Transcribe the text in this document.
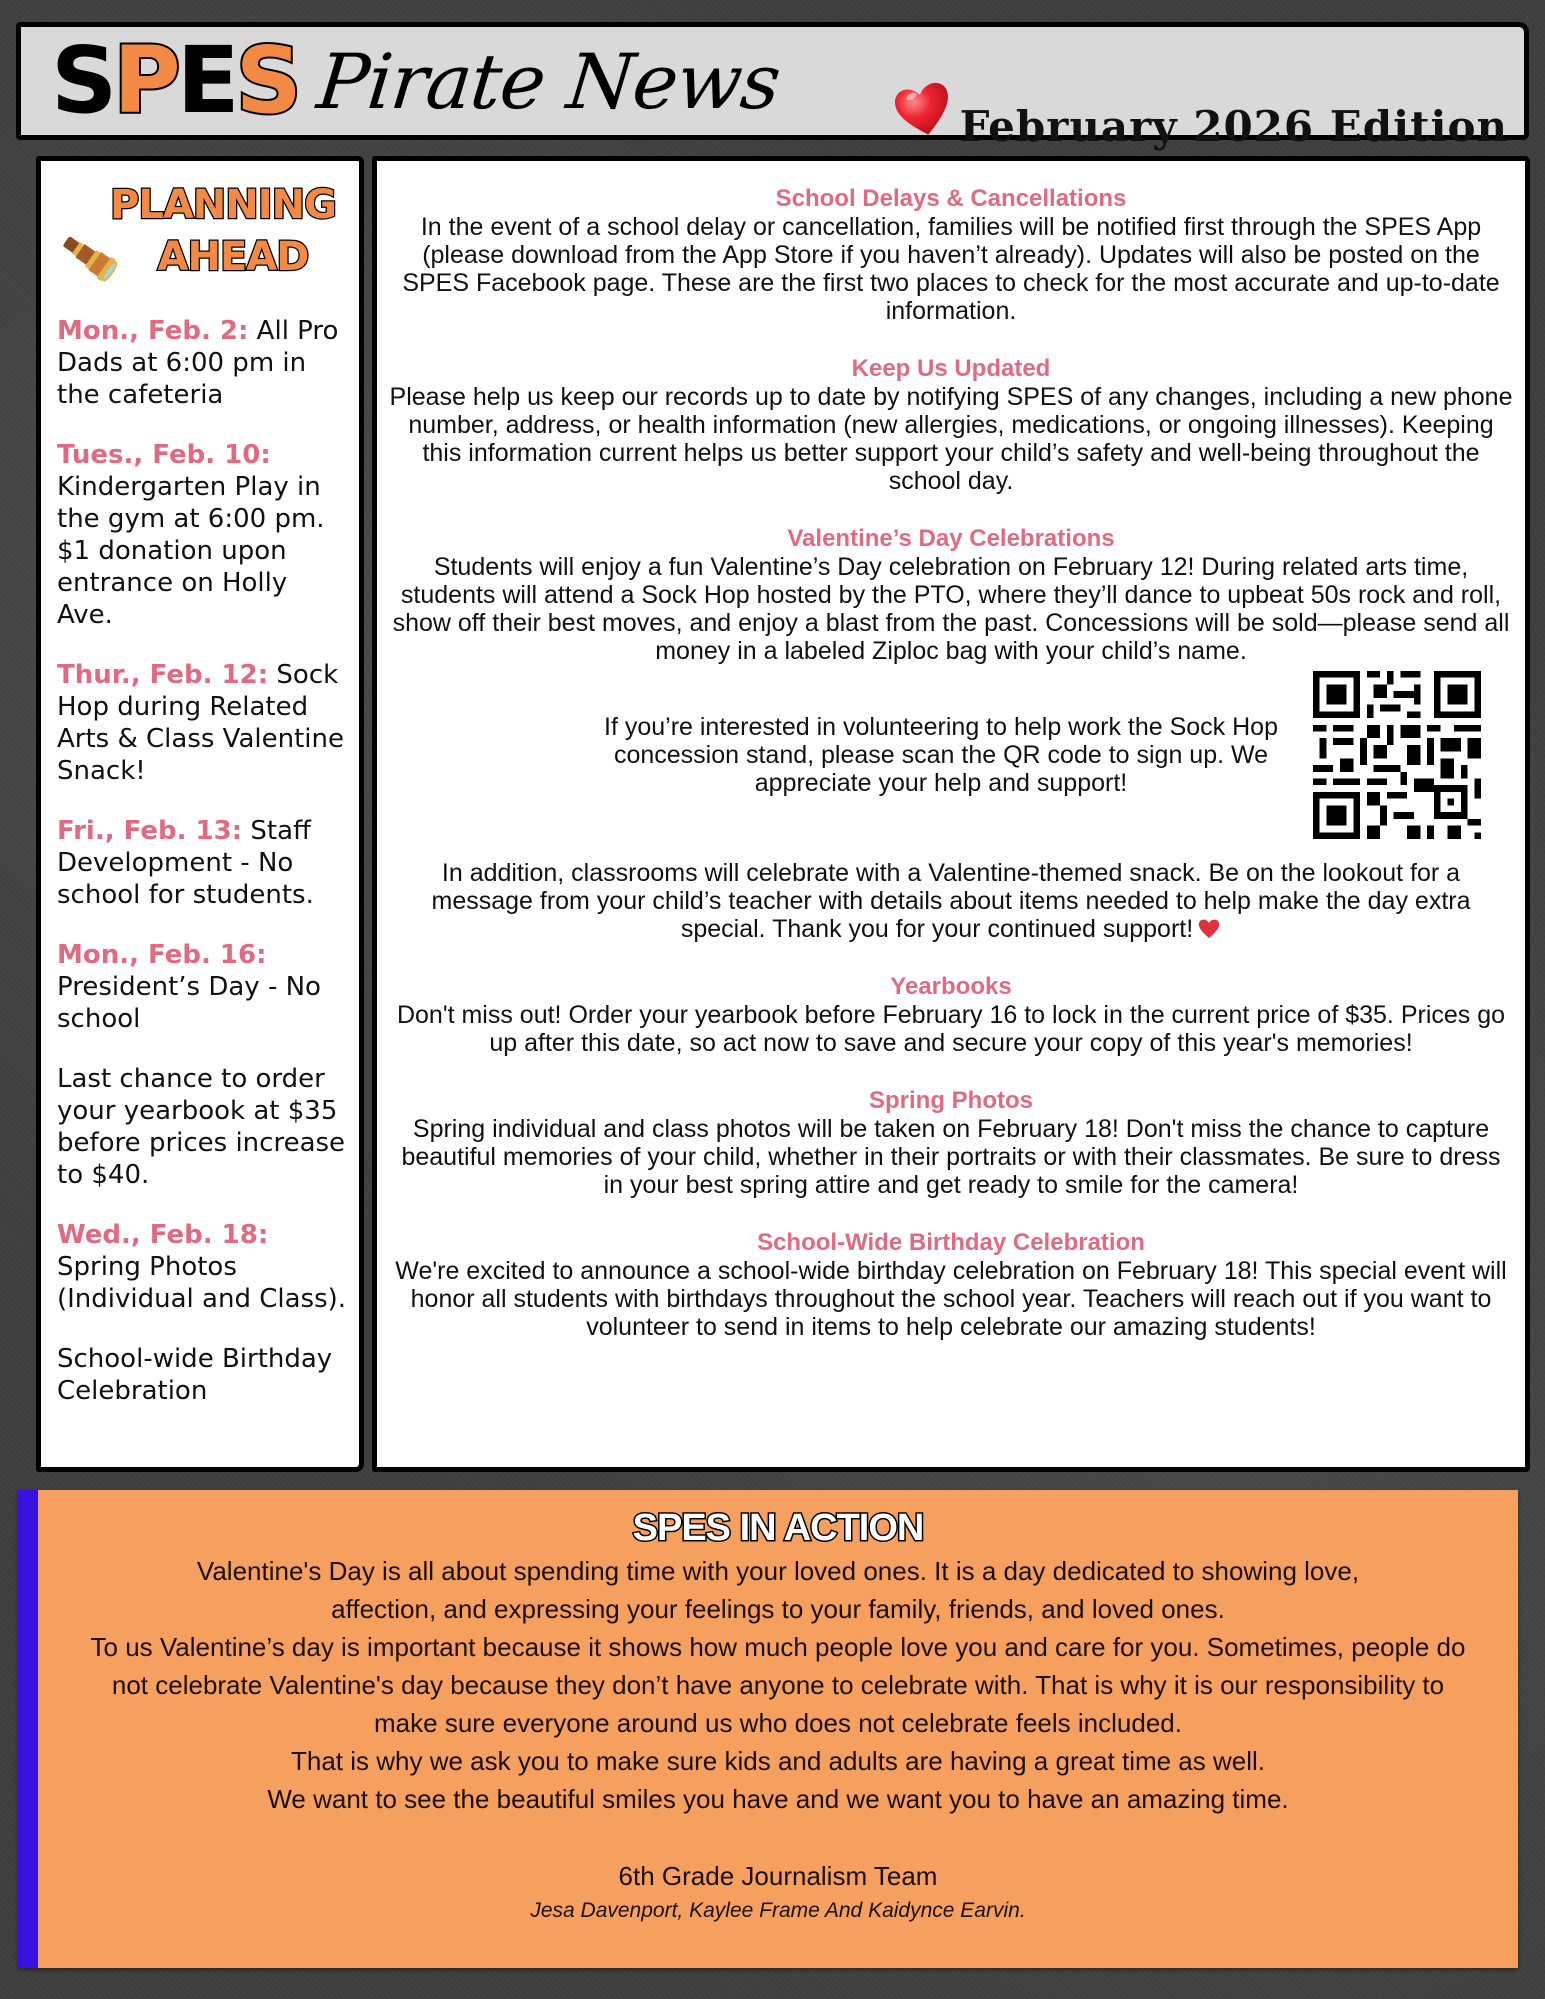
SPES Pirate News
February 2026 Edition
PLANNING
AHEAD
Mon., Feb. 2: All Pro Dads at 6:00 pm in the cafeteria
Tues., Feb. 10: Kindergarten Play in the gym at 6:00 pm. $1 donation upon entrance on Holly Ave.
Thur., Feb. 12: Sock Hop during Related Arts & Class Valentine Snack!
Fri., Feb. 13: Staff Development - No school for students.
Mon., Feb. 16: President’s Day - No school
Last chance to order your yearbook at $35 before prices increase to $40.
Wed., Feb. 18: Spring Photos (Individual and Class).
School-wide Birthday Celebration
School Delays & Cancellations

In the event of a school delay or cancellation, families will be notified first through the SPES App (please download from the App Store if you haven’t already). Updates will also be posted on the SPES Facebook page. These are the first two places to check for the most accurate and up-to-date information.

Keep Us Updated

Please help us keep our records up to date by notifying SPES of any changes, including a new phone number, address, or health information (new allergies, medications, or ongoing illnesses). Keeping this information current helps us better support your child’s safety and well-being throughout the school day.

Valentine’s Day Celebrations

Students will enjoy a fun Valentine’s Day celebration on February 12! During related arts time, students will attend a Sock Hop hosted by the PTO, where they’ll dance to upbeat 50s rock and roll, show off their best moves, and enjoy a blast from the past. Concessions will be sold—please send all money in a labeled Ziploc bag with your child’s name.

If you’re interested in volunteering to help work the Sock Hop concession stand, please scan the QR code to sign up. We appreciate your help and support!

In addition, classrooms will celebrate with a Valentine-themed snack. Be on the lookout for a message from your child’s teacher with details about items needed to help make the day extra special. Thank you for your continued support!

Yearbooks

Don't miss out! Order your yearbook before February 16 to lock in the current price of $35. Prices go up after this date, so act now to save and secure your copy of this year's memories!

Spring Photos

Spring individual and class photos will be taken on February 18! Don't miss the chance to capture beautiful memories of your child, whether in their portraits or with their classmates. Be sure to dress in your best spring attire and get ready to smile for the camera!

School-Wide Birthday Celebration

We're excited to announce a school-wide birthday celebration on February 18! This special event will honor all students with birthdays throughout the school year. Teachers will reach out if you want to volunteer to send in items to help celebrate our amazing students!

SPES IN ACTION
Valentine's Day is all about spending time with your loved ones. It is a day dedicated to showing love, affection, and expressing your feelings to your family, friends, and loved ones.
To us Valentine’s day is important because it shows how much people love you and care for you. Sometimes, people do not celebrate Valentine's day because they don’t have anyone to celebrate with. That is why it is our responsibility to make sure everyone around us who does not celebrate feels included.
That is why we ask you to make sure kids and adults are having a great time as well.
We want to see the beautiful smiles you have and we want you to have an amazing time.
6th Grade Journalism Team
Jesa Davenport, Kaylee Frame And Kaidynce Earvin.
